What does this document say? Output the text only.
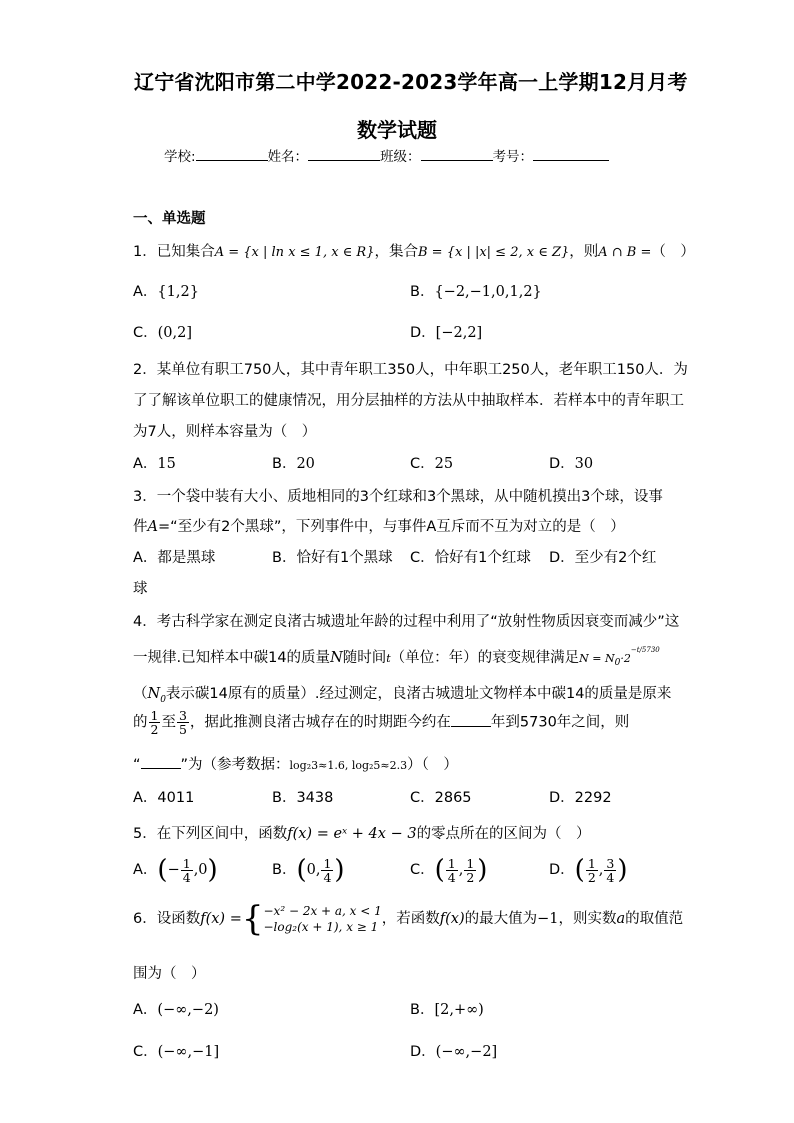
辽宁省沈阳市第二中学2022-2023学年高一上学期12月月考
数学试题
学校:	姓名：	班级：	考号：
一、单选题
1．已知集合A = {x | ln x ≤ 1, x ∈ R}，集合B = {x | |x| ≤ 2, x ∈ Z}，则A ∩ B =（　）
A．{1,2}	B．{−2,−1,0,1,2}
C．(0,2]	D．[−2,2]
2．某单位有职工750人，其中青年职工350人，中年职工250人，老年职工150人．为
了了解该单位职工的健康情况，用分层抽样的方法从中抽取样本．若样本中的青年职工
为7人，则样本容量为（　）
A．15	B．20	C．25	D．30
3．一个袋中装有大小、质地相同的3个红球和3个黑球，从中随机摸出3个球，设事
件A=“至少有2个黑球”，下列事件中，与事件A互斥而不互为对立的是（　）
A．都是黑球	B．恰好有1个黑球 C．恰好有1个红球 D．至少有2个红
球
4．考古科学家在测定良渚古城遗址年龄的过程中利用了“放射性物质因衰变而减少”这
一规律.已知样本中碳14的质量N随时间t（单位：年）的衰变规律满足$N = N_0\cdot 2^{-t/5730}$
（$N_0$表示碳14原有的质量）.经过测定，良渚古城遗址文物样本中碳14的质量是原来
的 $\frac{1}{2}$ 至 $\frac{3}{5}$ ，据此推测良渚古城存在的时期距今约在	年到5730年之间，则
“	”为（参考数据：log₂3≈1.6, log₂5≈2.3）（　）
A．4011	B．3438	C．2865	D．2292
5．在下列区间中，函数f(x) = eˣ + 4x − 3的零点所在的区间为（　）
A．(− $\frac{1}{4} ,0$)	B．(0, $\frac{1}{4}$ )	C．( $\frac{1}{4}$ , $\frac{1}{2}$ )	D．( $\frac{1}{2}$ , $\frac{3}{4}$ )
6．设函数f(x) ={ −x² − 2x + a, x < 1
−log₂(x + 1), x ≥ 1 ，若函数f(x)的最大值为−1，则实数a的取值范
围为（　）
A．(−∞,−2)	B．[2,+∞)
C．(−∞,−1]	D．(−∞,−2]
